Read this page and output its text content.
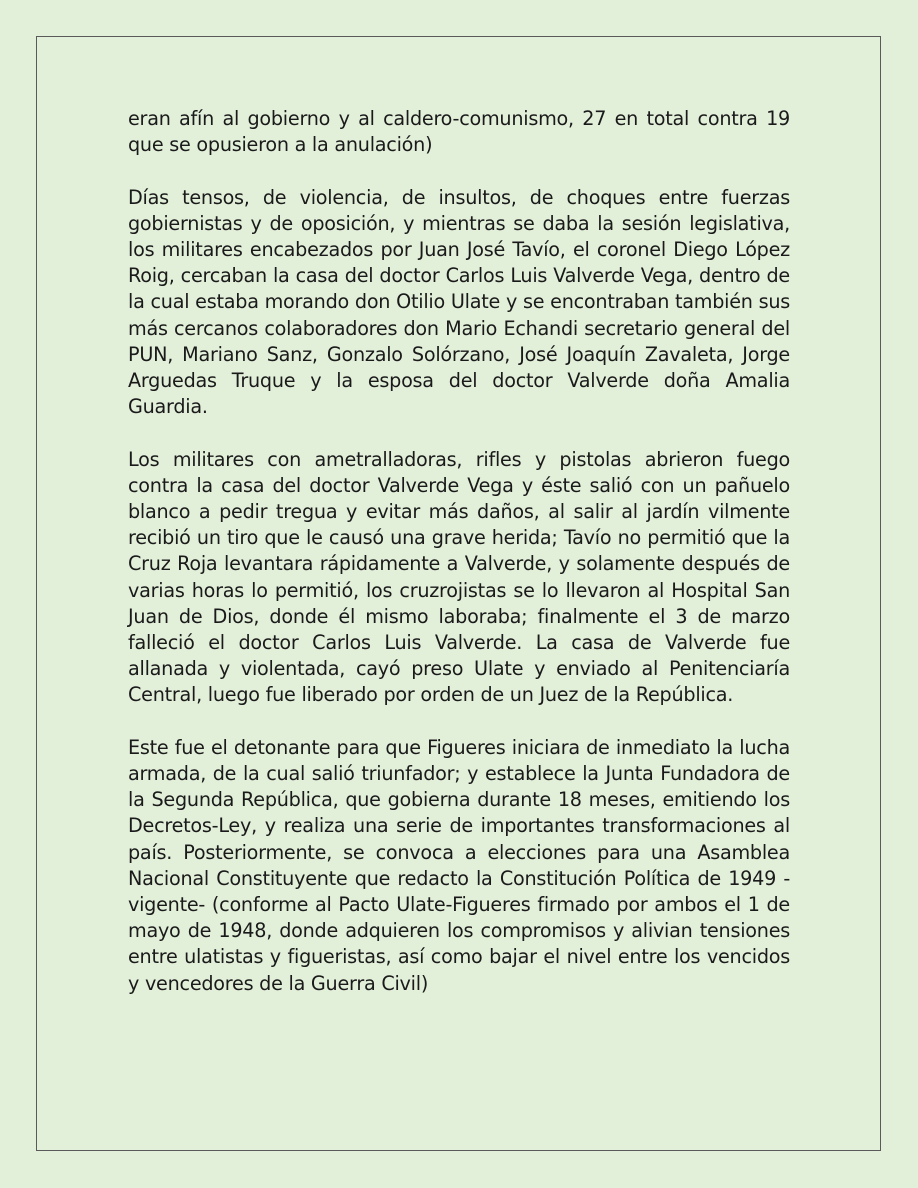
eran afín al gobierno y al caldero-comunismo, 27 en total contra 19 que se opusieron a la anulación)

Días tensos, de violencia, de insultos, de choques entre fuerzas gobiernistas y de oposición, y mientras se daba la sesión legislativa, los militares encabezados por Juan José Tavío, el coronel Diego López Roig, cercaban la casa del doctor Carlos Luis Valverde Vega, dentro de la cual estaba morando don Otilio Ulate y se encontraban también sus más cercanos colaboradores don Mario Echandi secretario general del PUN, Mariano Sanz, Gonzalo Solórzano, José Joaquín Zavaleta, Jorge Arguedas Truque y la esposa del doctor Valverde doña Amalia Guardia.

Los militares con ametralladoras, rifles y pistolas abrieron fuego contra la casa del doctor Valverde Vega y éste salió con un pañuelo blanco a pedir tregua y evitar más daños, al salir al jardín vilmente recibió un tiro que le causó una grave herida; Tavío no permitió que la Cruz Roja levantara rápidamente a Valverde, y solamente después de varias horas lo permitió, los cruzrojistas se lo llevaron al Hospital San Juan de Dios, donde él mismo laboraba; finalmente el 3 de marzo falleció el doctor Carlos Luis Valverde. La casa de Valverde fue allanada y violentada, cayó preso Ulate y enviado al Penitenciaría Central, luego fue liberado por orden de un Juez de la República.

Este fue el detonante para que Figueres iniciara de inmediato la lucha armada, de la cual salió triunfador; y establece la Junta Fundadora de la Segunda República, que gobierna durante 18 meses, emitiendo los Decretos-Ley, y realiza una serie de importantes transformaciones al país. Posteriormente, se convoca a elecciones para una Asamblea Nacional Constituyente que redacto la Constitución Política de 1949 -vigente- (conforme al Pacto Ulate-Figueres firmado por ambos el 1 de mayo de 1948, donde adquieren los compromisos y alivian tensiones entre ulatistas y figueristas, así como bajar el nivel entre los vencidos y vencedores de la Guerra Civil)
